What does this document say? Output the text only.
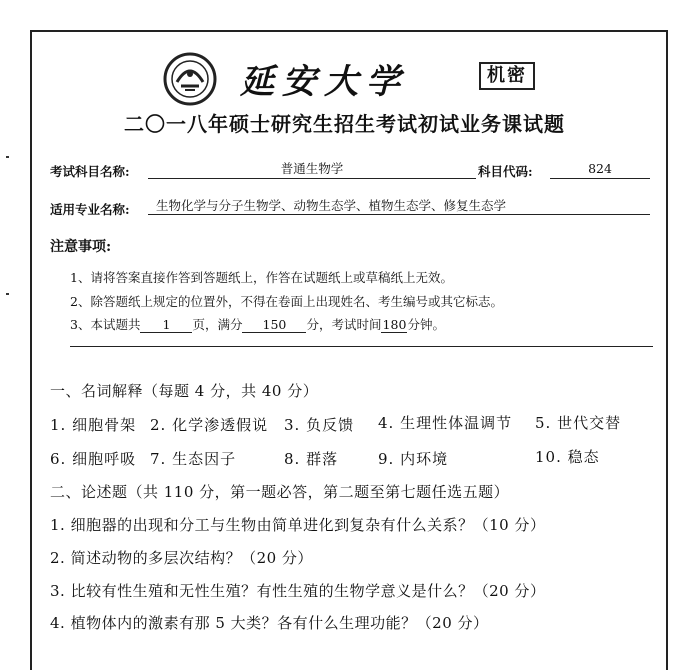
延安大学	机密
二〇一八年硕士研究生招生考试初试业务课试题
考试科目名称:	普通生物学	科目代码:	824
适用专业名称:	生物化学与分子生物学、动物生态学、植物生态学、修复生态学
注意事项:
1、请将答案直接作答到答题纸上，作答在试题纸上或草稿纸上无效。
2、除答题纸上规定的位置外，不得在卷面上出现姓名、考生编号或其它标志。
3、本试题共 1 页，满分 150 分，考试时间180分钟。
一、名词解释（每题 4 分，共 40 分）
1. 细胞骨架 2. 化学渗透假说 3. 负反馈 4. 生理性体温调节 5. 世代交替
6. 细胞呼吸 7. 生态因子	8. 群落	9. 内环境	10. 稳态
二、论述题（共 110 分，第一题必答，第二题至第七题任选五题）
1. 细胞器的出现和分工与生物由简单进化到复杂有什么关系？（10 分）
2. 简述动物的多层次结构？（20 分）
3. 比较有性生殖和无性生殖？有性生殖的生物学意义是什么？（20 分）
4. 植物体内的激素有那 5 大类？各有什么生理功能？（20 分）
